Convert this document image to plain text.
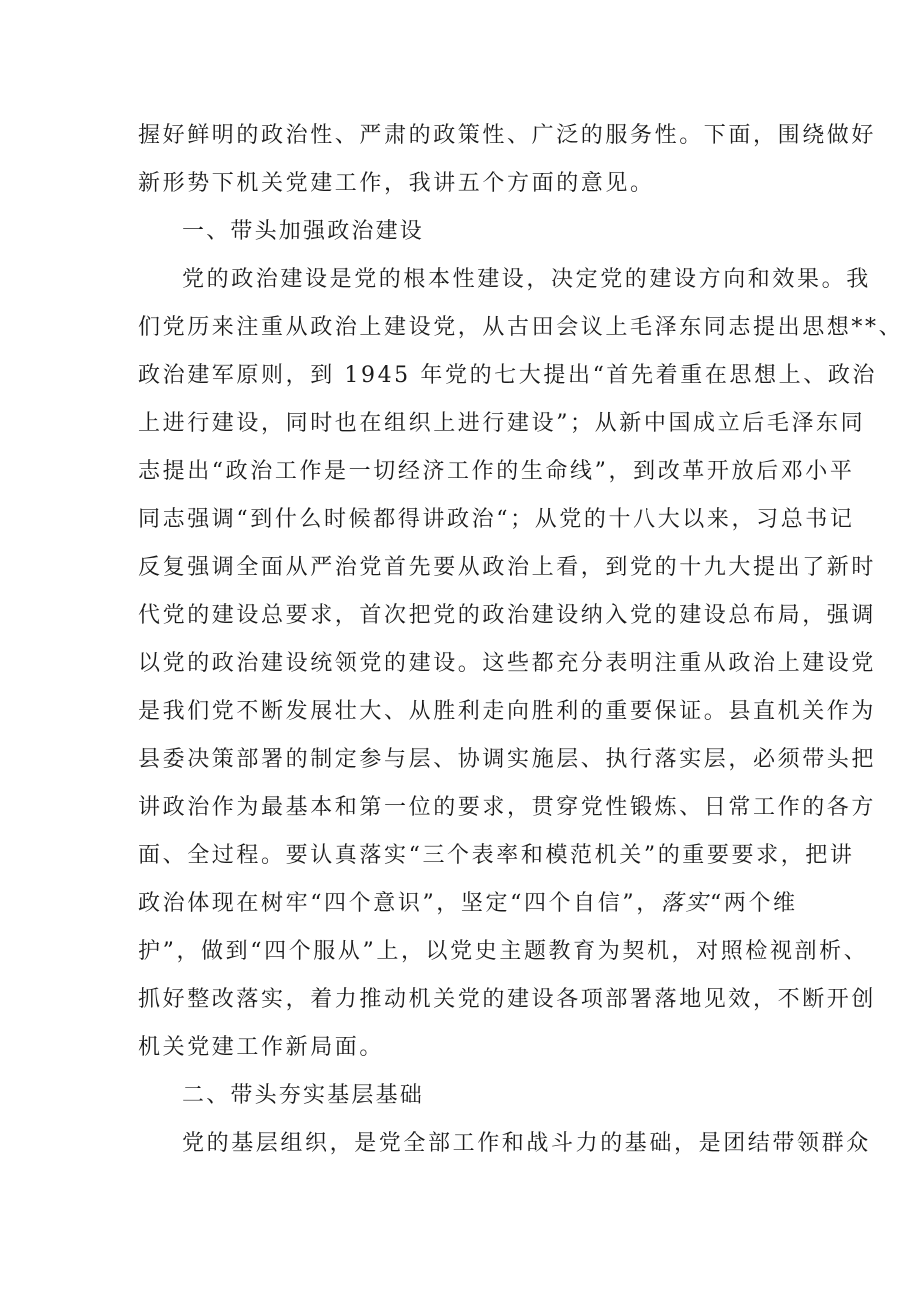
握好鲜明的政治性、严肃的政策性、广泛的服务性。下面，围绕做好
新形势下机关党建工作，我讲五个方面的意见。
一、带头加强政治建设
党的政治建设是党的根本性建设，决定党的建设方向和效果。我
们党历来注重从政治上建设党，从古田会议上毛泽东同志提出思想**、
政治建军原则，到 1945 年党的七大提出“首先着重在思想上、政治
上进行建设，同时也在组织上进行建设”；从新中国成立后毛泽东同
志提出“政治工作是一切经济工作的生命线”，到改革开放后邓小平
同志强调“到什么时候都得讲政治“；从党的十八大以来，习总书记
反复强调全面从严治党首先要从政治上看，到党的十九大提出了新时
代党的建设总要求，首次把党的政治建设纳入党的建设总布局，强调
以党的政治建设统领党的建设。这些都充分表明注重从政治上建设党
是我们党不断发展壮大、从胜利走向胜利的重要保证。县直机关作为
县委决策部署的制定参与层、协调实施层、执行落实层，必须带头把
讲政治作为最基本和第一位的要求，贯穿党性锻炼、日常工作的各方
面、全过程。要认真落实“三个表率和模范机关”的重要要求，把讲
政治体现在树牢“四个意识”，坚定“四个自信”，落实“两个维
护”，做到“四个服从”上，以党史主题教育为契机，对照检视剖析、
抓好整改落实，着力推动机关党的建设各项部署落地见效，不断开创
机关党建工作新局面。
二、带头夯实基层基础
党的基层组织，是党全部工作和战斗力的基础，是团结带领群众
